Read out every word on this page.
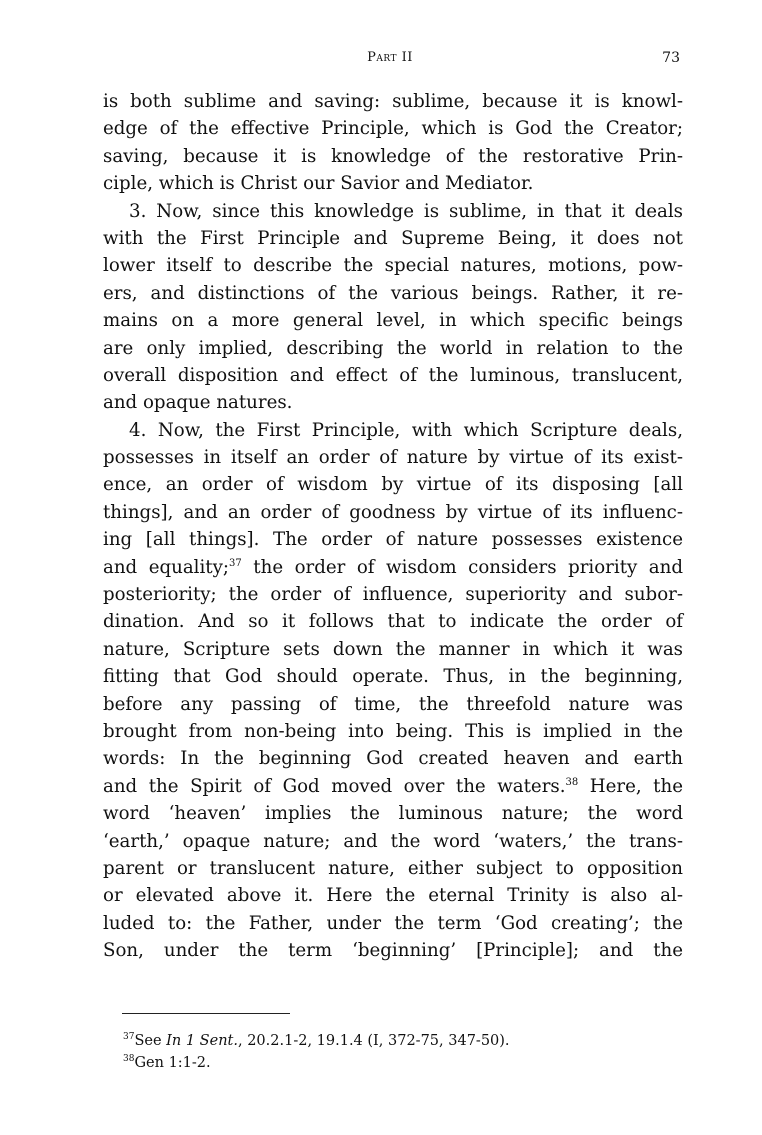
Part II	73
is both sublime and saving: sublime, because it is knowl-
edge of the effective Principle, which is God the Creator;
saving, because it is knowledge of the restorative Prin-
ciple, which is Christ our Savior and Mediator.
3. Now, since this knowledge is sublime, in that it deals
with the First Principle and Supreme Being, it does not
lower itself to describe the special natures, motions, pow-
ers, and distinctions of the various beings. Rather, it re-
mains on a more general level, in which specific beings
are only implied, describing the world in relation to the
overall disposition and effect of the luminous, translucent,
and opaque natures.
4. Now, the First Principle, with which Scripture deals,
possesses in itself an order of nature by virtue of its exist-
ence, an order of wisdom by virtue of its disposing [all
things], and an order of goodness by virtue of its influenc-
ing [all things]. The order of nature possesses existence
and equality;$^{37}$ the order of wisdom considers priority and
posteriority; the order of influence, superiority and subor-
dination. And so it follows that to indicate the order of
nature, Scripture sets down the manner in which it was
fitting that God should operate. Thus, in the beginning,
before any passing of time, the threefold nature was
brought from non-being into being. This is implied in the
words: In the beginning God created heaven and earth
and the Spirit of God moved over the waters.$^{38}$ Here, the
word ‘heaven’ implies the luminous nature; the word
‘earth,’ opaque nature; and the word ‘waters,’ the trans-
parent or translucent nature, either subject to opposition
or elevated above it. Here the eternal Trinity is also al-
luded to: the Father, under the term ‘God creating’; the
Son, under the term ‘beginning’ [Principle]; and the
$^{37}$See In 1 Sent., 20.2.1-2, 19.1.4 (I, 372-75, 347-50).
$^{38}$Gen 1:1-2.
